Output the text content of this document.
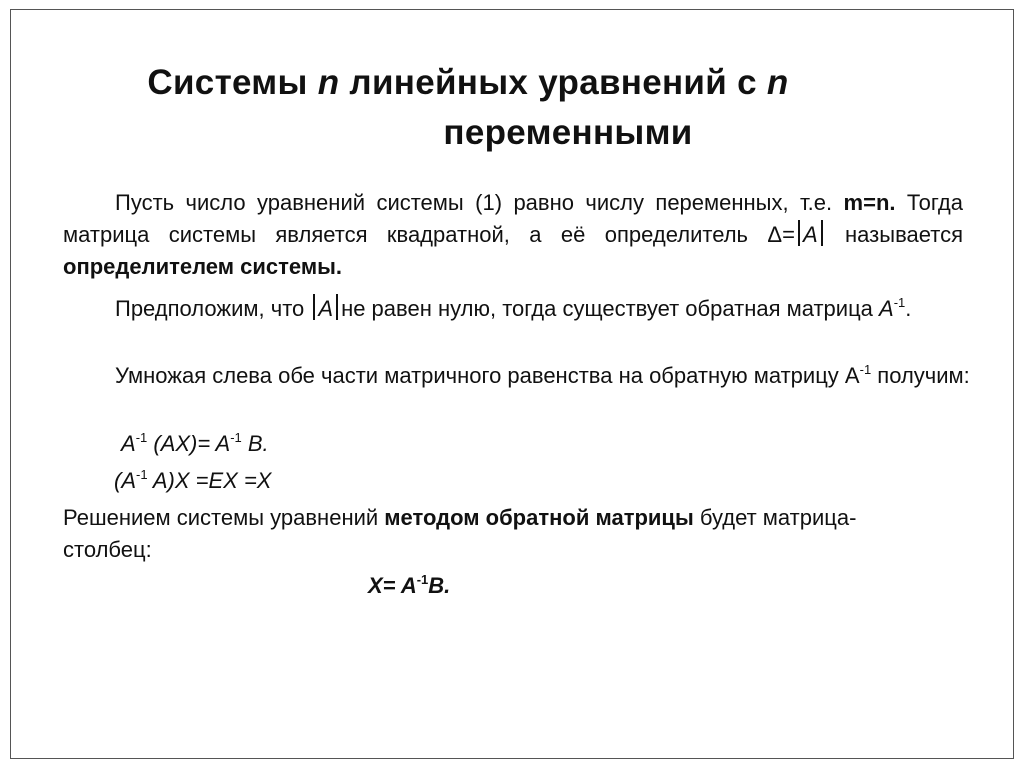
Системы n линейных уравнений с n
переменными
Пусть число уравнений системы (1) равно числу переменных, т.е. m=n. Тогда матрица системы является квадратной, а её определитель Δ= A называется определителем системы.
Предположим, что A не равен нулю, тогда существует обратная матрица $A^{-1}$.
Умножая слева обе части матричного равенства на обратную матрицу $А^{-1}$ получим:
$A^{-1}$ $(AX)= A^{-1}$ B.
($A^{-1}$ A)X =EX =X
Решением системы уравнений методом обратной матрицы будет матрица-столбец:
$X= A^{-1}B$.
